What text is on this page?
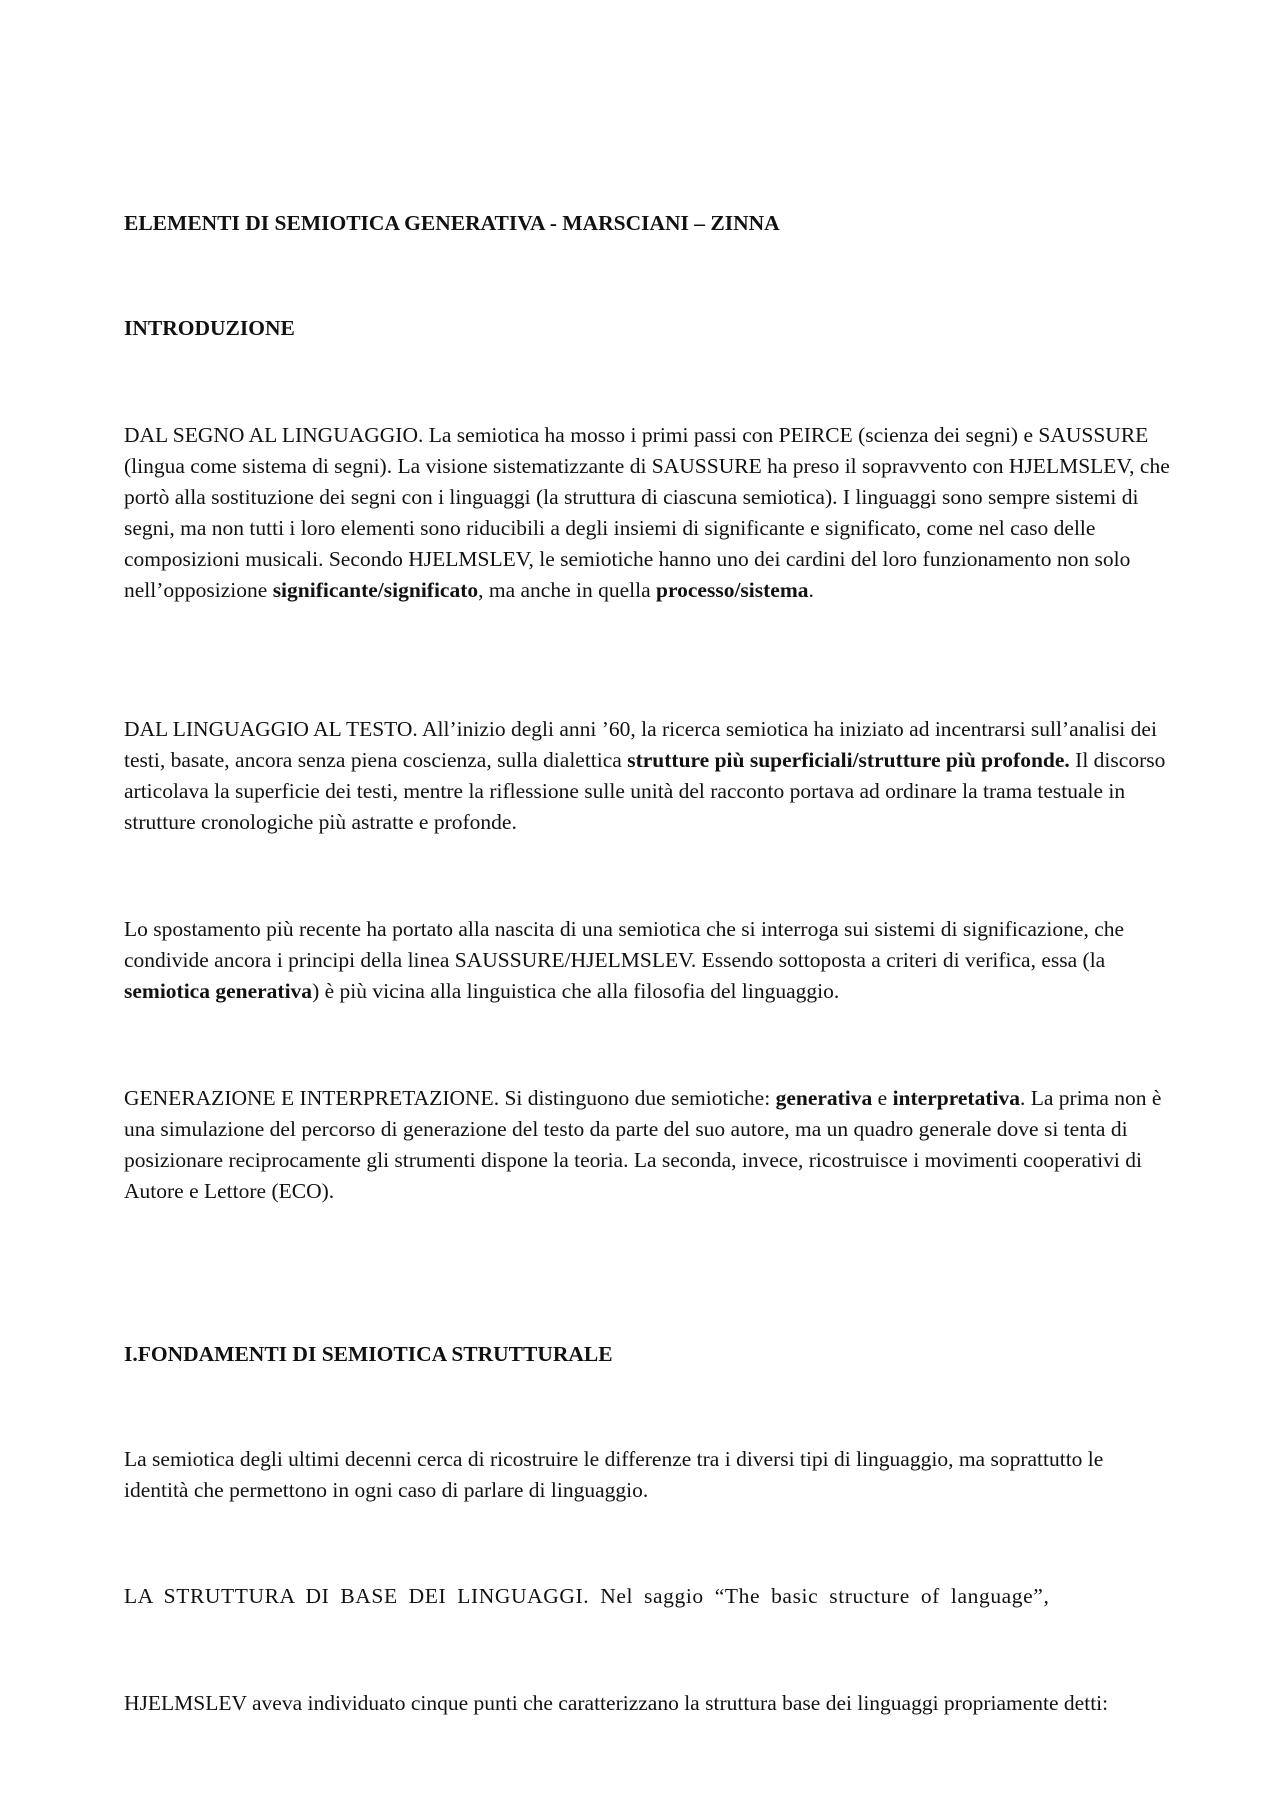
ELEMENTI DI SEMIOTICA GENERATIVA - MARSCIANI – ZINNA

INTRODUZIONE

DAL SEGNO AL LINGUAGGIO. La semiotica ha mosso i primi passi con PEIRCE (scienza dei segni) e SAUSSURE (lingua come sistema di segni). La visione sistematizzante di SAUSSURE ha preso il sopravvento con HJELMSLEV, che portò alla sostituzione dei segni con i linguaggi (la struttura di ciascuna semiotica). I linguaggi sono sempre sistemi di segni, ma non tutti i loro elementi sono riducibili a degli insiemi di significante e significato, come nel caso delle composizioni musicali. Secondo HJELMSLEV, le semiotiche hanno uno dei cardini del loro funzionamento non solo nell’opposizione significante/significato, ma anche in quella processo/sistema.

DAL LINGUAGGIO AL TESTO. All’inizio degli anni ’60, la ricerca semiotica ha iniziato ad incentrarsi sull’analisi dei testi, basate, ancora senza piena coscienza, sulla dialettica strutture più superficiali/strutture più profonde. Il discorso articolava la superficie dei testi, mentre la riflessione sulle unità del racconto portava ad ordinare la trama testuale in strutture cronologiche più astratte e profonde.

Lo spostamento più recente ha portato alla nascita di una semiotica che si interroga sui sistemi di significazione, che condivide ancora i principi della linea SAUSSURE/HJELMSLEV. Essendo sottoposta a criteri di verifica, essa (la semiotica generativa) è più vicina alla linguistica che alla filosofia del linguaggio.

GENERAZIONE E INTERPRETAZIONE. Si distinguono due semiotiche: generativa e interpretativa. La prima non è una simulazione del percorso di generazione del testo da parte del suo autore, ma un quadro generale dove si tenta di posizionare reciprocamente gli strumenti dispone la teoria. La seconda, invece, ricostruisce i movimenti cooperativi di Autore e Lettore (ECO).

I.FONDAMENTI DI SEMIOTICA STRUTTURALE

La semiotica degli ultimi decenni cerca di ricostruire le differenze tra i diversi tipi di linguaggio, ma soprattutto le identità che permettono in ogni caso di parlare di linguaggio.

LA STRUTTURA DI BASE DEI LINGUAGGI. Nel saggio “The basic structure of language”,

HJELMSLEV aveva individuato cinque punti che caratterizzano la struttura base dei linguaggi propriamente detti:
